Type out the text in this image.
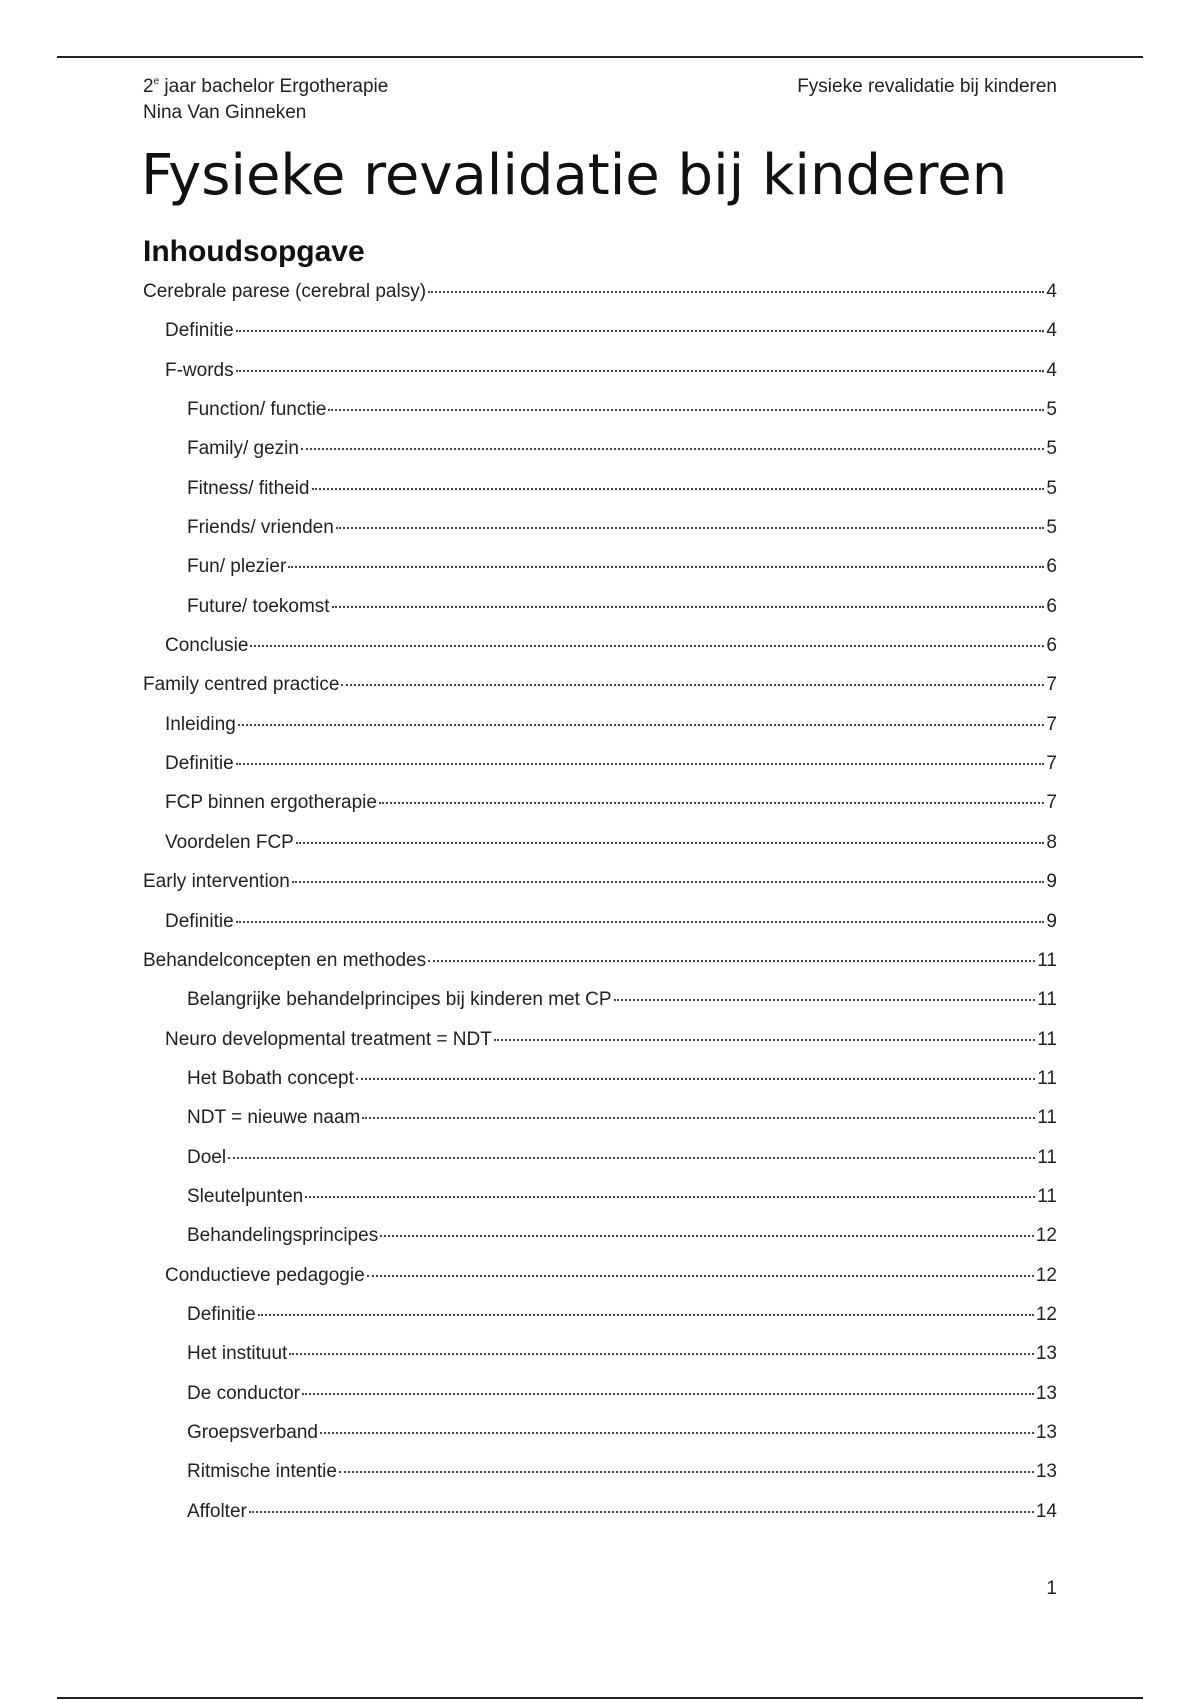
2e jaar bachelor Ergotherapie
Nina Van Ginneken
Fysieke revalidatie bij kinderen
Fysieke revalidatie bij kinderen
Inhoudsopgave
Cerebrale parese (cerebral palsy)	4
Definitie	4
F-words	4
Function/ functie	5
Family/ gezin	5
Fitness/ fitheid	5
Friends/ vrienden	5
Fun/ plezier	6
Future/ toekomst	6
Conclusie	6
Family centred practice	7
Inleiding	7
Definitie	7
FCP binnen ergotherapie	7
Voordelen FCP	8
Early intervention	9
Definitie	9
Behandelconcepten en methodes	11
Belangrijke behandelprincipes bij kinderen met CP	11
Neuro developmental treatment = NDT	11
Het Bobath concept	11
NDT = nieuwe naam	11
Doel	11
Sleutelpunten	11
Behandelingsprincipes	12
Conductieve pedagogie	12
Definitie	12
Het instituut	13
De conductor	13
Groepsverband	13
Ritmische intentie	13
Affolter	14
1
